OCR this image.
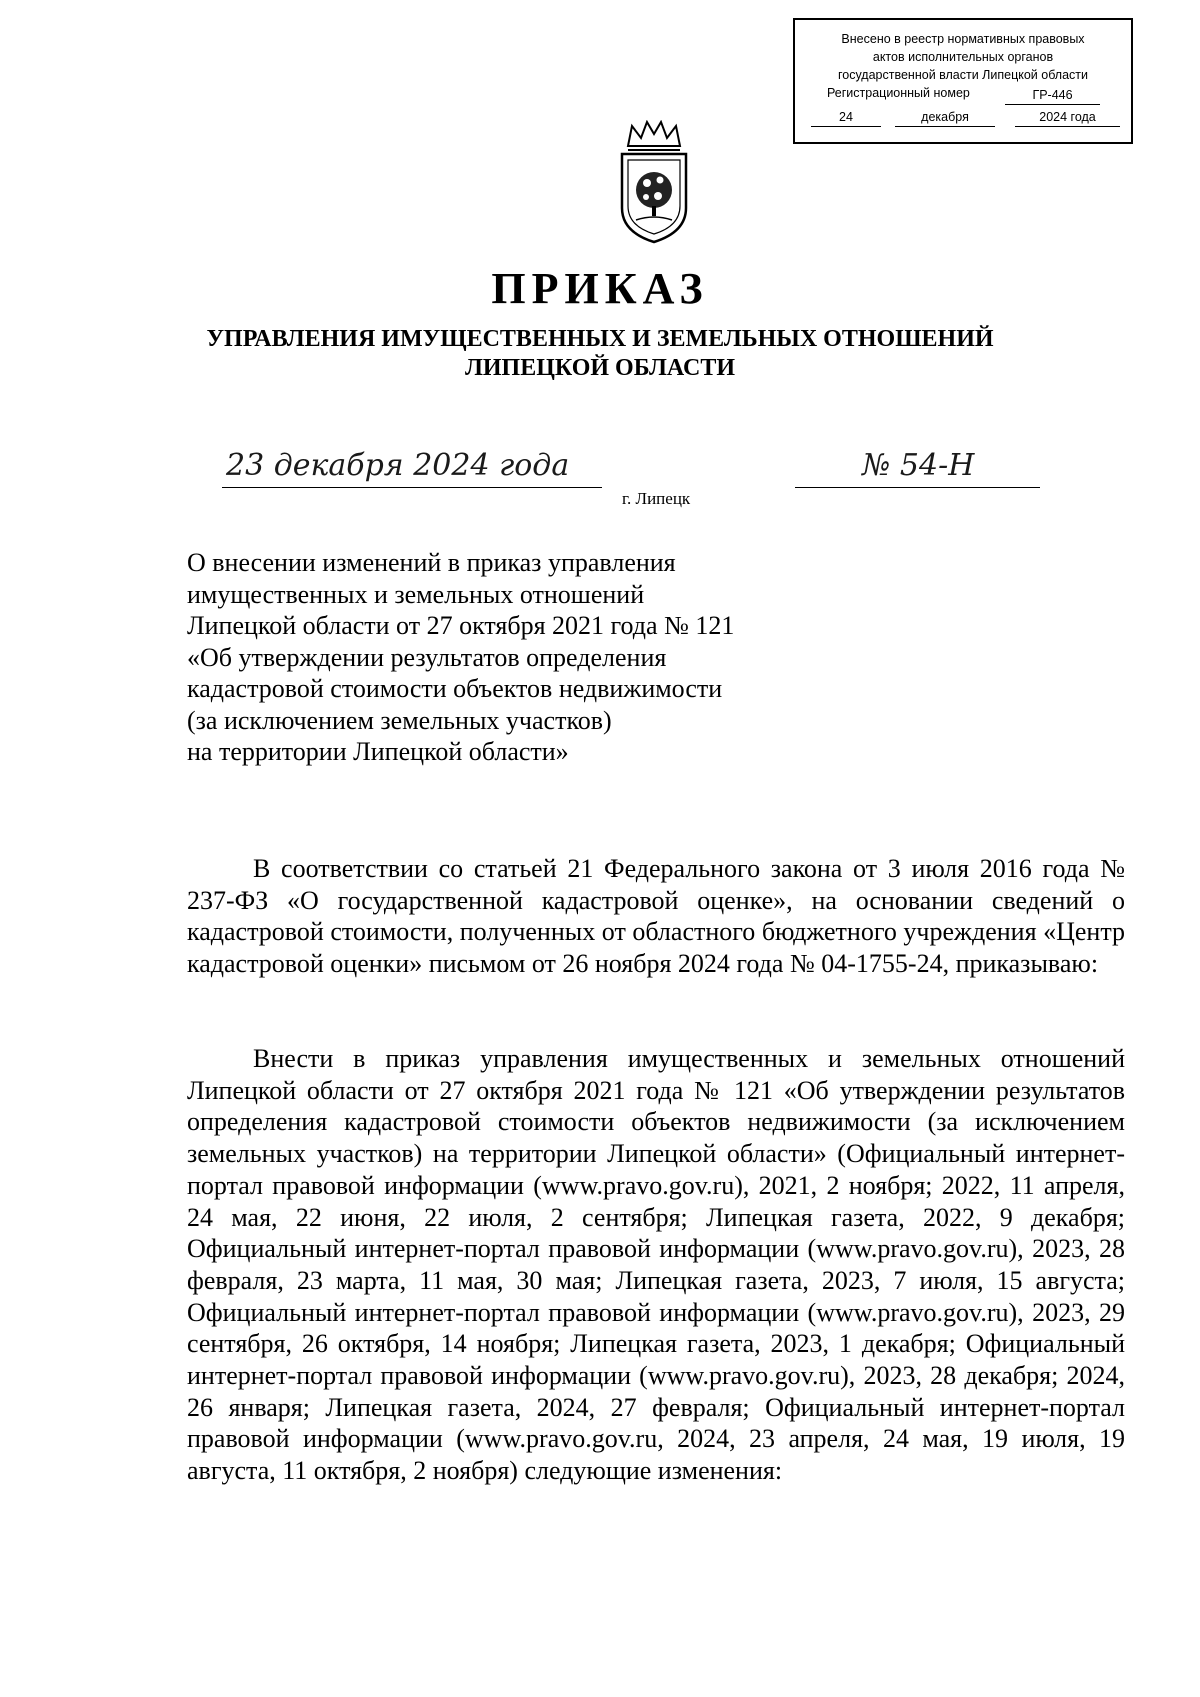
Внесено в реестр нормативных правовых
актов исполнительных органов
государственной власти Липецкой области
Регистрационный номер	ГР-446
24	декабря	2024 года
ПРИКАЗ
УПРАВЛЕНИЯ ИМУЩЕСТВЕННЫХ И ЗЕМЕЛЬНЫХ ОТНОШЕНИЙ
ЛИПЕЦКОЙ ОБЛАСТИ
23 декабря 2024 года
г. Липецк
№ 54-Н
О внесении изменений в приказ управления
имущественных и земельных отношений
Липецкой области от 27 октября 2021 года № 121
«Об утверждении результатов определения
кадастровой стоимости объектов недвижимости
(за исключением земельных участков)
на территории Липецкой области»

В соответствии со статьей 21 Федерального закона от 3 июля 2016 года № 237-ФЗ «О государственной кадастровой оценке», на основании сведений о кадастровой стоимости, полученных от областного бюджетного учреждения «Центр кадастровой оценки» письмом от 26 ноября 2024 года № 04-1755-24, приказываю:

Внести в приказ управления имущественных и земельных отношений Липецкой области от 27 октября 2021 года № 121 «Об утверждении результатов определения кадастровой стоимости объектов недвижимости (за исключением земельных участков) на территории Липецкой области» (Официальный интернет-портал правовой информации (www.pravo.gov.ru), 2021, 2 ноября; 2022, 11 апреля, 24 мая, 22 июня, 22 июля, 2 сентября; Липецкая газета, 2022, 9 декабря; Официальный интернет-портал правовой информации (www.pravo.gov.ru), 2023, 28 февраля, 23 марта, 11 мая, 30 мая; Липецкая газета, 2023, 7 июля, 15 августа; Официальный интернет-портал правовой информации (www.pravo.gov.ru), 2023, 29 сентября, 26 октября, 14 ноября; Липецкая газета, 2023, 1 декабря; Официальный интернет-портал правовой информации (www.pravo.gov.ru), 2023, 28 декабря; 2024, 26 января; Липецкая газета, 2024, 27 февраля; Официальный интернет-портал правовой информации (www.pravo.gov.ru, 2024, 23 апреля, 24 мая, 19 июля, 19 августа, 11 октября, 2 ноября) следующие изменения:
